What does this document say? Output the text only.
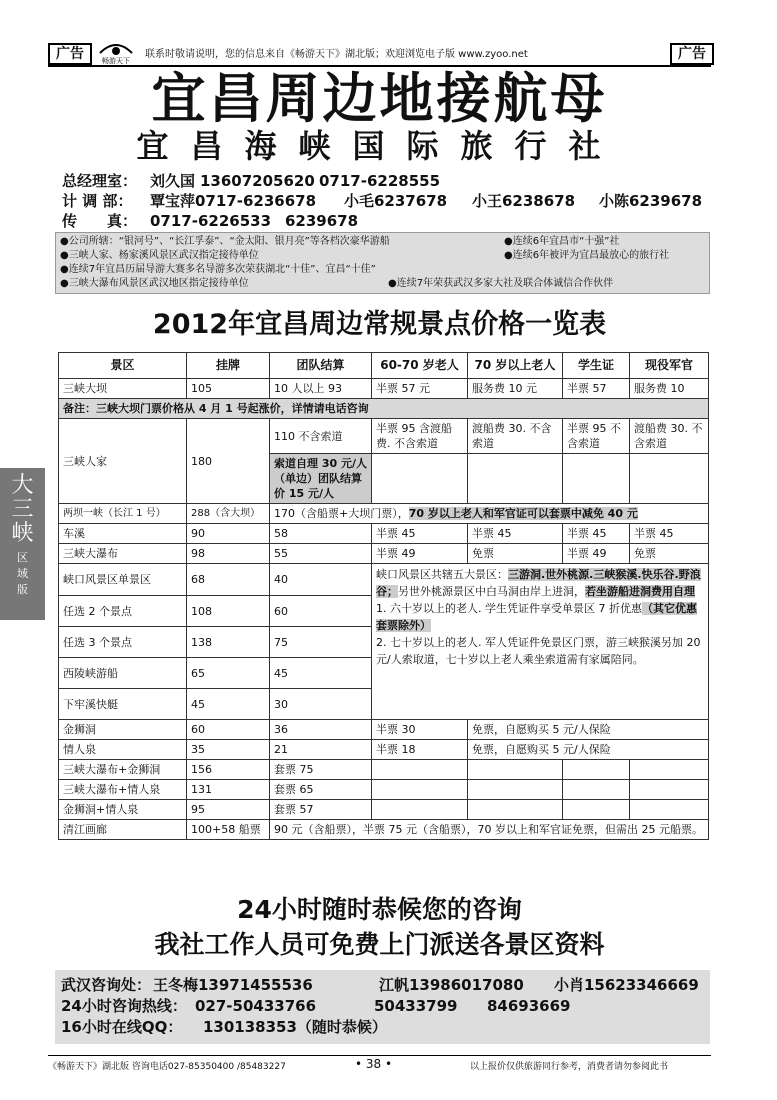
广告	畅游天下
联系时敬请说明，您的信息来自《畅游天下》湖北版；欢迎浏览电子版 www.zyoo.net	广告
宜昌周边地接航母
宜昌海峡国际旅行社
总经理室： 刘久国 13607205620 0717-6228555
计 调 部： 覃宝萍0717-6236678 小毛6237678 小王6238678 小陈6239678
传　　真： 0717-6226533 6239678
●公司所辖：“银河号”、“长江孚泰”、“金太阳、银月亮”等各档次豪华游船
●三峡人家、杨家溪风景区武汉指定接待单位
●连续7年宜昌历届导游大赛多名导游多次荣获湖北“十佳”、宜昌“十佳”
●三峡大瀑布风景区武汉地区指定接待单位
●连续6年宜昌市“十强”社
●连续6年被评为宜昌最放心的旅行社
●连续7年荣获武汉多家大社及联合体诚信合作伙伴
2012年宜昌周边常规景点价格一览表
景区	挂牌	团队结算	60-70 岁老人	70 岁以上老人	学生证	现役军官
三峡大坝	105	10 人以上 93	半票 57 元	服务费 10 元	半票 57	服务费 10
备注：三峡大坝门票价格从 4 月 1 号起涨价，详情请电话咨询						
三峡人家	180	110 不含索道	半票 95 含渡船费. 不含索道	渡船费 30. 不含索道	半票 95 不含索道	渡船费 30. 不含索道
		索道自理 30 元/人（单边）团队结算价 15 元/人				
两坝一峡（长江 1 号）	288（含大坝）	170（含船票+大坝门票），70 岁以上老人和军官证可以套票中减免 40 元				
车溪	90	58	半票 45	半票 45	半票 45	半票 45
三峡大瀑布	98	55	半票 49	免票	半票 49	免票
峡口风景区单景区	68	40	峡口风景区共辖五大景区：三游洞.世外桃源.三峡猴溪.快乐谷.野浪谷；另世外桃源景区中白马洞由岸上进洞，若坐游船进洞费用自理
1. 六十岁以上的老人. 学生凭证件享受单景区 7 折优惠（其它优惠套票除外）
2. 七十岁以上的老人. 军人凭证件免景区门票，游三峡猴溪另加 20 元/人索取道，七十岁以上老人乘坐索道需有家属陪同。			
任选 2 个景点	108	60				
任选 3 个景点	138	75				
西陵峡游船	65	45				
下牢溪快艇	45	30				
金狮洞	60	36	半票 30	免票，自愿购买 5 元/人保险		
情人泉	35	21	半票 18	免票，自愿购买 5 元/人保险		
三峡大瀑布+金狮洞	156	套票 75				
三峡大瀑布+情人泉	131	套票 65				
金狮洞+情人泉	95	套票 57				
清江画廊	100+58 船票	90 元（含船票），半票 75 元（含船票），70 岁以上和军官证免票，但需出 25 元船票。				
大三峡
区域版
24小时随时恭候您的咨询
我社工作人员可免费上门派送各景区资料
武汉咨询处： 王冬梅13971455536	江帆13986017080 小肖15623346669
24小时咨询热线： 027-50433766	50433799 84693669
16小时在线QQ： 130138353（随时恭候）
《畅游天下》湖北版 咨询电话027-85350400 /85483227	• 38 •	以上报价仅供旅游同行参考，消费者请勿参阅此书
